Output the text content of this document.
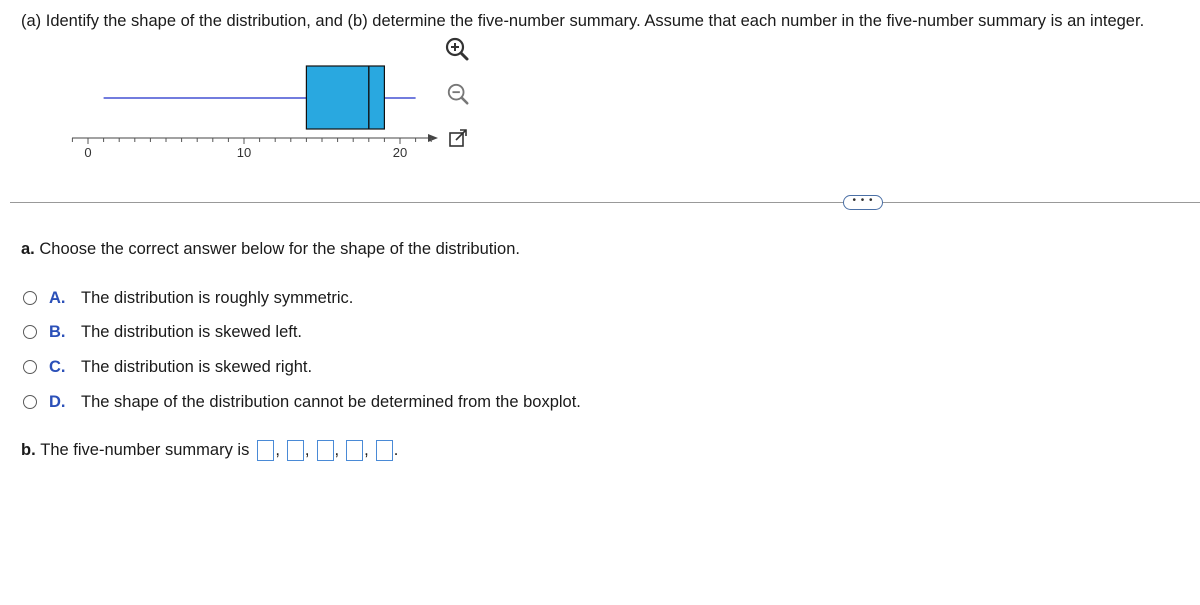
(a) Identify the shape of the distribution, and (b) determine the five-number summary. Assume that each number in the five-number summary is an integer.
0	10	20
• • •
a. Choose the correct answer below for the shape of the distribution.
A. The distribution is roughly symmetric.
B. The distribution is skewed left.
C. The distribution is skewed right.
D. The shape of the distribution cannot be determined from the boxplot.
b.
The five-number summary is , , , , .
